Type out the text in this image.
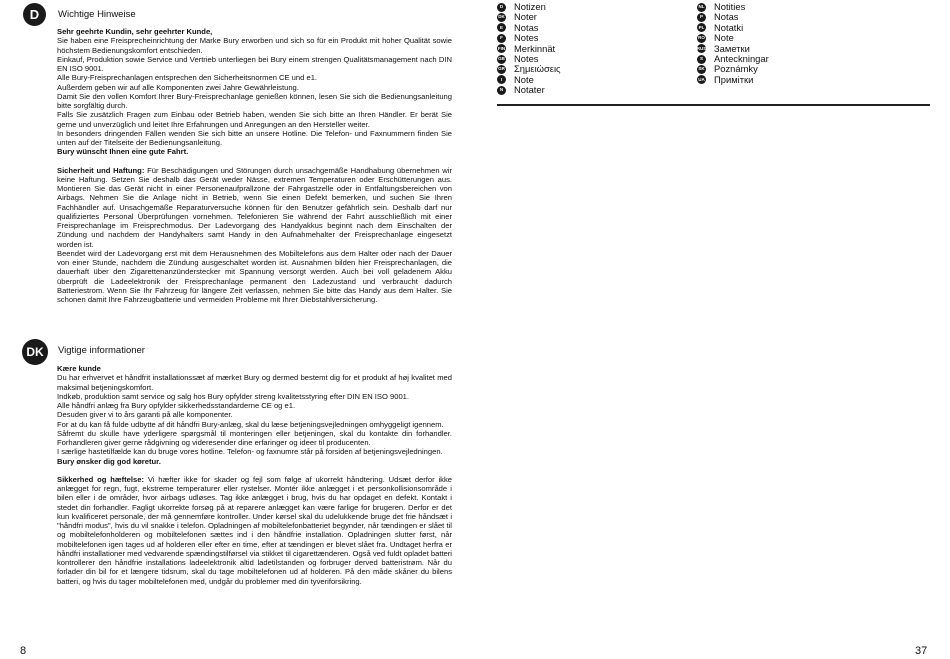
D	Wichtige Hinweise

Sehr geehrte Kundin, sehr geehrter Kunde,

Sie haben eine Freisprecheinrichtung der Marke Bury erworben und sich so für ein Produkt mit hoher Qualität sowie höchstem Bedienungskomfort entschieden.

Einkauf, Produktion sowie Service und Vertrieb unterliegen bei Bury einem strengen Qualitätsmanagement nach DIN EN ISO 9001.

Alle Bury-Freisprechanlagen entsprechen den Sicherheitsnormen CE und e1.

Außerdem geben wir auf alle Komponenten zwei Jahre Gewährleistung.

Damit Sie den vollen Komfort Ihrer Bury-Freisprechanlage genießen können, lesen Sie sich die Bedienungsanleitung bitte sorgfältig durch.

Falls Sie zusätzlich Fragen zum Einbau oder Betrieb haben, wenden Sie sich bitte an Ihren Händler. Er berät Sie gerne und unverzüglich und leitet Ihre Erfahrungen und Anregungen an den Hersteller weiter.

In besonders dringenden Fällen wenden Sie sich bitte an unsere Hotline. Die Telefon- und Faxnummern finden Sie unten auf der Titelseite der Bedienungsanleitung.

Bury wünscht Ihnen eine gute Fahrt.

Sicherheit und Haftung: Für Beschädigungen und Störungen durch unsachgemäße Handhabung übernehmen wir keine Haftung. Setzen Sie deshalb das Gerät weder Nässe, extremen Temperaturen oder Erschütterungen aus. Montieren Sie das Gerät nicht in einer Personenaufprallzone der Fahrgastzelle oder in Entfaltungsbereichen von Airbags. Nehmen Sie die Anlage nicht in Betrieb, wenn Sie einen Defekt bemerken, und suchen Sie Ihren Fachhändler auf. Unsachgemäße Reparaturversuche können für den Benutzer gefährlich sein. Deshalb darf nur qualifiziertes Personal Überprüfungen vornehmen. Telefonieren Sie während der Fahrt ausschließlich mit einer Freisprechanlage im Freisprechmodus. Der Ladevorgang des Handyakkus beginnt nach dem Einschalten der Zündung und nachdem der Handyhalters samt Handy in den Aufnahmehalter der Freisprechanlage eingesetzt worden ist.

Beendet wird der Ladevorgang erst mit dem Herausnehmen des Mobiltelefons aus dem Halter oder nach der Dauer von einer Stunde, nachdem die Zündung ausgeschaltet worden ist. Ausnahmen bilden hier Freisprechanlagen, die dauerhaft über den Zigarettenanzünderstecker mit Spannung versorgt werden. Auch bei voll geladenem Akku überprüft die Ladeelektronik der Freisprechanlage permanent den Ladezustand und verbraucht dadurch Batteriestrom. Wenn Sie Ihr Fahrzeug für längere Zeit verlassen, nehmen Sie bitte das Handy aus dem Halter. Sie schonen damit Ihre Fahrzeugbatterie und vermeiden Probleme mit Ihrer Diebstahlversicherung.

DK	Vigtige informationer

Kære kunde

Du har erhvervet et håndfrit installationssæt af mærket Bury og dermed bestemt dig for et produkt af høj kvalitet med maksimal betjeningskomfort.

Indkøb, produktion samt service og salg hos Bury opfylder streng kvalitetsstyring efter DIN EN ISO 9001.

Alle håndfri anlæg fra Bury opfylder sikkerhedsstandarderne CE og e1.

Desuden giver vi to års garanti på alle komponenter.

For at du kan få fulde udbytte af dit håndfri Bury-anlæg, skal du læse betjeningsvejledningen omhyggeligt igennem.

Såfremt du skulle have yderligere spørgsmål til monteringen eller betjeningen, skal du kontakte din forhandler. Forhandleren giver gerne rådgivning og videresender dine erfaringer og ideer til producenten.

I særlige hastetilfælde kan du bruge vores hotline. Telefon- og faxnumre står på forsiden af betjeningsvejledningen.

Bury ønsker dig god køretur.

Sikkerhed og hæftelse: Vi hæfter ikke for skader og fejl som følge af ukorrekt håndtering. Udsæt derfor ikke anlægget for regn, fugt, ekstreme temperaturer eller rystelser. Montér ikke anlægget i et personkollisionsområde i bilen eller i de områder, hvor airbags udløses. Tag ikke anlægget i brug, hvis du har opdaget en defekt. Kontakt i stedet din forhandler. Fagligt ukorrekte forsøg på at reparere anlægget kan være farlige for brugeren. Derfor er det kun kvalificeret personale, der må gennemføre kontroller. Under kørsel skal du udelukkende bruge det frie håndsæt i "håndfri modus", hvis du vil snakke i telefon. Opladningen af mobiltelefonbatteriet begynder, når tændingen er slået til og mobiltelefonholderen og mobiltelefonen sættes ind i den håndfrie installation. Opladningen slutter først, når mobiltelefonen igen tages ud af holderen eller efter en time, efter at tændingen er blevet slået fra. Undtaget herfra er håndfri installationer med vedvarende spændingstilførsel via stikket til cigarettænderen. Også ved fuldt opladet batteri kontrollerer den håndfrie installations ladeelektronik altid ladetilstanden og forbruger derved batteristrøm. Når du forlader din bil for et længere tidsrum, skal du tage mobiltelefonen ud af holderen. På den måde skåner du bilens batteri, og hvis du tager mobiltelefonen med, undgår du problemer med din tyveriforsikring.

8
D	Notizen
DK Noter
E	Notas
F	Notes
FIN Merkinnät
GB Notes
GR Σημειώσεις
I	Note
N	Notater
NL Notities
P	Notas
PL Notatki
RO Note
RUS Заметки
S	Anteckningar
SK Poznámky
UA Примітки
37
